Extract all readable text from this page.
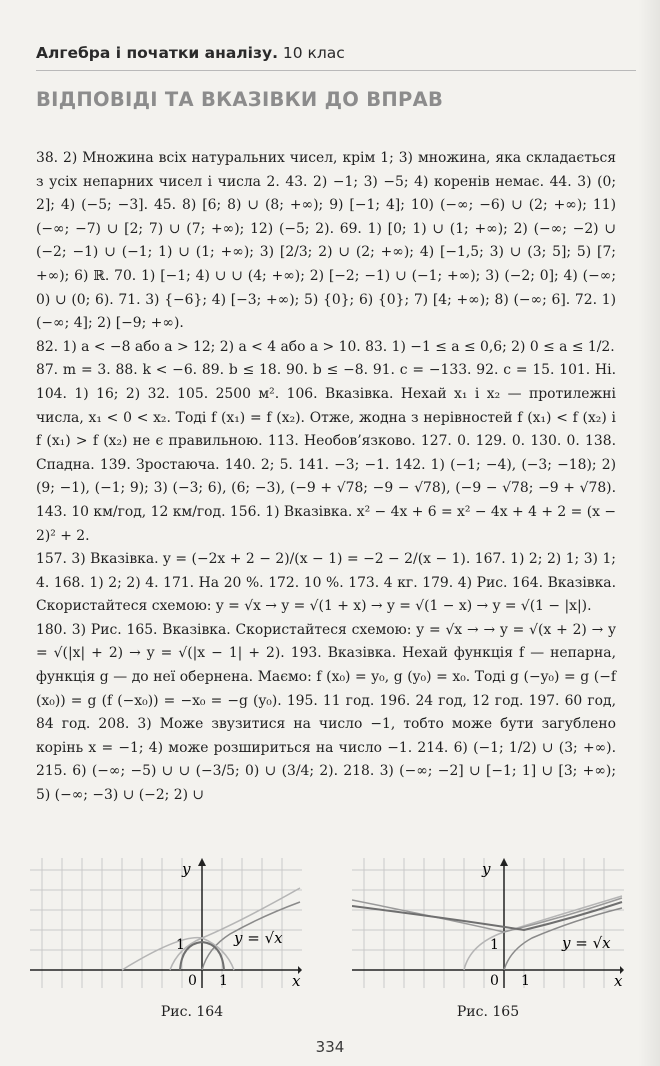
Алгебра і початки аналізу. 10 клас
ВІДПОВІДІ ТА ВКАЗІВКИ ДО ВПРАВ

38. 2) Множина всіх натуральних чисел, крім 1; 3) множина, яка складається з усіх непарних чисел і числа 2. 43. 2) −1; 3) −5; 4) коренів немає. 44. 3) (0; 2]; 4) (−5; −3]. 45. 8) [6; 8) ∪ (8; +∞); 9) [−1; 4]; 10) (−∞; −6) ∪ (2; +∞); 11) (−∞; −7) ∪ [2; 7) ∪ (7; +∞); 12) (−5; 2). 69. 1) [0; 1) ∪ (1; +∞); 2) (−∞; −2) ∪ (−2; −1) ∪ (−1; 1) ∪ (1; +∞); 3) [2/3; 2) ∪ (2; +∞); 4) [−1,5; 3) ∪ (3; 5]; 5) [7; +∞); 6) ℝ. 70. 1) [−1; 4) ∪ ∪ (4; +∞); 2) [−2; −1) ∪ (−1; +∞); 3) (−2; 0]; 4) (−∞; 0) ∪ (0; 6). 71. 3) {−6}; 4) [−3; +∞); 5) {0}; 6) {0}; 7) [4; +∞); 8) (−∞; 6]. 72. 1) (−∞; 4]; 2) [−9; +∞).

82. 1) a < −8 або a > 12; 2) a < 4 або a > 10. 83. 1) −1 ≤ a ≤ 0,6; 2) 0 ≤ a ≤ 1/2.

87. m = 3. 88. k < −6. 89. b ≤ 18. 90. b ≤ −8. 91. c = −133. 92. c = 15. 101. Ні. 104. 1) 16; 2) 32. 105. 2500 м². 106. Вказівка. Нехай x₁ і x₂ — протилежні числа, x₁ < 0 < x₂. Тоді f (x₁) = f (x₂). Отже, жодна з нерівностей f (x₁) < f (x₂) і f (x₁) > f (x₂) не є правильною. 113. Необов’язково. 127. 0. 129. 0. 130. 0. 138. Спадна. 139. Зростаюча. 140. 2; 5. 141. −3; −1. 142. 1) (−1; −4), (−3; −18); 2) (9; −1), (−1; 9); 3) (−3; 6), (6; −3), (−9 + √78; −9 − √78), (−9 − √78; −9 + √78). 143. 10 км/год, 12 км/год. 156. 1) Вказівка. x² − 4x + 6 = x² − 4x + 4 + 2 = (x − 2)² + 2.

157. 3) Вказівка. y = (−2x + 2 − 2)/(x − 1) = −2 − 2/(x − 1). 167. 1) 2; 2) 1; 3) 1; 4. 168. 1) 2; 2) 4. 171. На 20 %. 172. 10 %. 173. 4 кг. 179. 4) Рис. 164. Вказівка. Скористайтеся схемою: y = √x → y = √(1 + x) → y = √(1 − x) → y = √(1 − |x|).

180. 3) Рис. 165. Вказівка. Скористайтеся схемою: y = √x → → y = √(x + 2) → y = √(|x| + 2) → y = √(|x − 1| + 2). 193. Вказівка. Нехай функція f — непарна, функція g — до неї обернена. Маємо: f (x₀) = y₀, g (y₀) = x₀. Тоді g (−y₀) = g (−f (x₀)) = g (f (−x₀)) = −x₀ = −g (y₀). 195. 11 год. 196. 24 год, 12 год. 197. 60 год, 84 год. 208. 3) Може звузитися на число −1, тобто може бути загублено корінь x = −1; 4) може розшириться на число −1. 214. 6) (−1; 1/2) ∪ (3; +∞). 215. 6) (−∞; −5) ∪ ∪ (−3/5; 0) ∪ (3/4; 2). 218. 3) (−∞; −2] ∪ [−1; 1] ∪ [3; +∞); 5) (−∞; −3) ∪ (−2; 2) ∪

y
x
0 1
1	y = √x
y
x
0 1
1	y = √x
Рис. 164	Рис. 165
334
